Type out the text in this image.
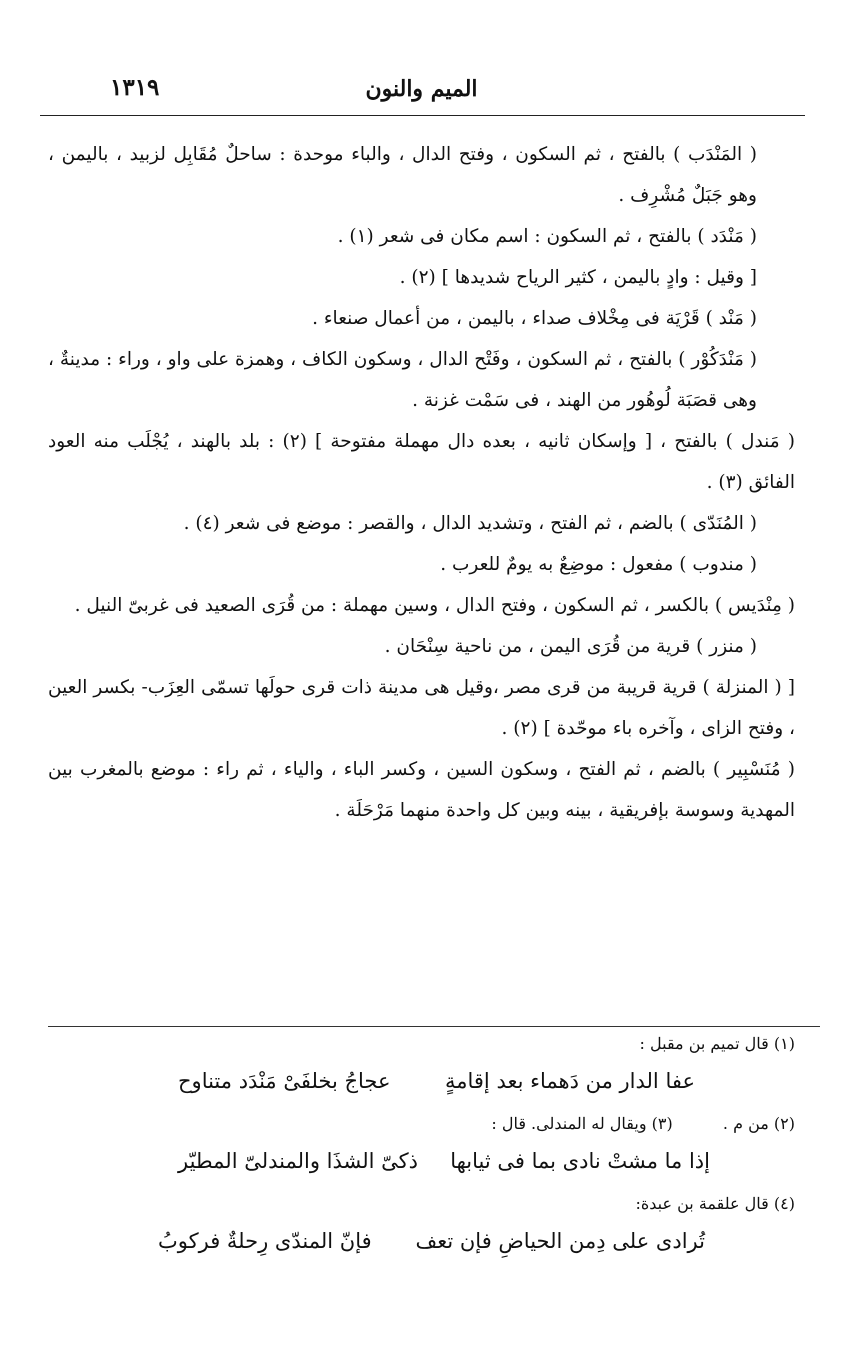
الميم والنون
١٣١٩

( المَنْدَب ) بالفتح ، ثم السكون ، وفتح الدال ، والباء موحدة : ساحلٌ مُقَابِل لزبيد ، باليمن ، وهو جَبَلٌ مُشْرِف .

( مَنْدَد ) بالفتح ، ثم السكون : اسم مكان فى شعر (١) .

[ وقيل : وادٍ باليمن ، كثير الرياح شديدها ] (٢) .

( مَنْد ) قَرْيَة فى مِخْلاف صداء ، باليمن ، من أعمال صنعاء .

( مَنْدَكُوْر ) بالفتح ، ثم السكون ، وفَتْح الدال ، وسكون الكاف ، وهمزة على واو ، وراء : مدينةٌ ، وهى قصَبَة لُوهُور من الهند ، فى سَمْت غزنة .

( مَندل ) بالفتح ، [ وإسكان ثانيه ، بعده دال مهملة مفتوحة ] (٢) : بلد بالهند ، يُجْلَب منه العود الفائق (٣) .

( المُنَدّى ) بالضم ، ثم الفتح ، وتشديد الدال ، والقصر : موضع فى شعر (٤) .

( مندوب ) مفعول : موضِعٌ به يومٌ للعرب .

( مِنْدَيس ) بالكسر ، ثم السكون ، وفتح الدال ، وسين مهملة : من قُرَى الصعيد فى غربىّ النيل .

( منزر ) قرية من قُرَى اليمن ، من ناحية سِنْحَان .

[ ( المنزلة ) قرية قريبة من قرى مصر ،وقيل هى مدينة ذات قرى حولَها تسمّى العِزَب- بكسر العين ، وفتح الزاى ، وآخره باء موحّدة ] (٢) .

( مُنَسْبِير ) بالضم ، ثم الفتح ، وسكون السين ، وكسر الباء ، والياء ، ثم راء : موضع بالمغرب بين المهدية وسوسة بإفريقية ، بينه وبين كل واحدة منهما مَرْحَلَة .

(١) قال تميم بن مقبل :

عفا الدار من دَهماء بعد إقامةٍ
عجاجُ بخلفَىْ مَنْدَد متناوح

(٢) من م .  (٣) ويقال له المندلى. قال :

إذا ما مشتْ نادى بما فى ثيابها
ذكىّ الشذَا والمندلىّ المطيّر

(٤) قال علقمة بن عبدة:

تُرادى على دِمن الحياضِ فإن تعف
فإنّ المندّى رِحلةٌ فركوبُ
